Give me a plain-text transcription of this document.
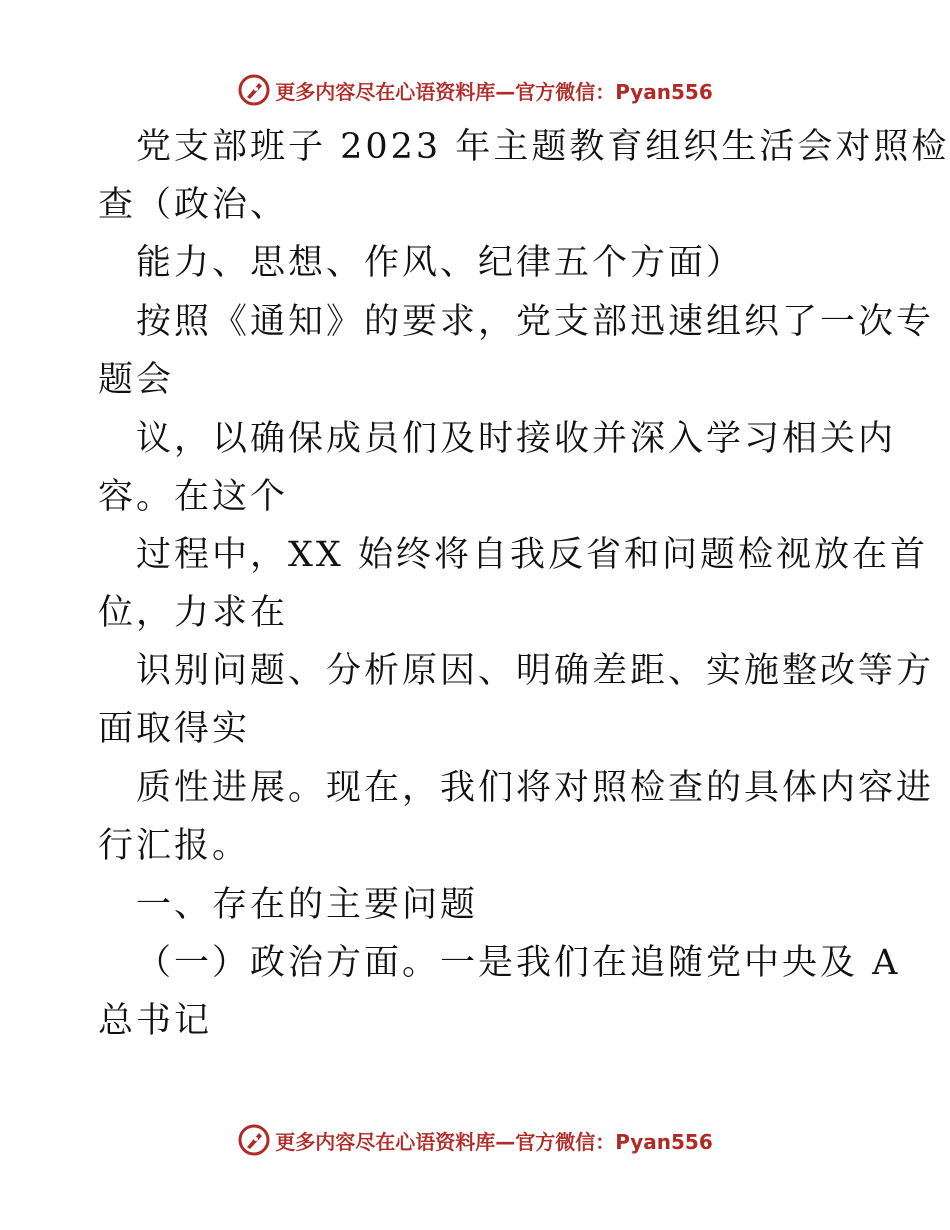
更多内容尽在心语资料库— 官方微信：Pyan556
党支部班子 2023 年主题教育组织生活会对照检
查（政治、
能力、思想、作风、纪律五个方面）
按照《通知》的要求，党支部迅速组织了一次专
题会
议，以确保成员们及时接收并深入学习相关内
容。在这个
过程中，XX 始终将自我反省和问题检视放在首
位，力求在
识别问题、分析原因、明确差距、实施整改等方
面取得实
质性进展。现在，我们将对照检查的具体内容进
行汇报。
一、存在的主要问题
（一）政治方面。一是我们在追随党中央及 A
总书记
更多内容尽在心语资料库— 官方微信：Pyan556
